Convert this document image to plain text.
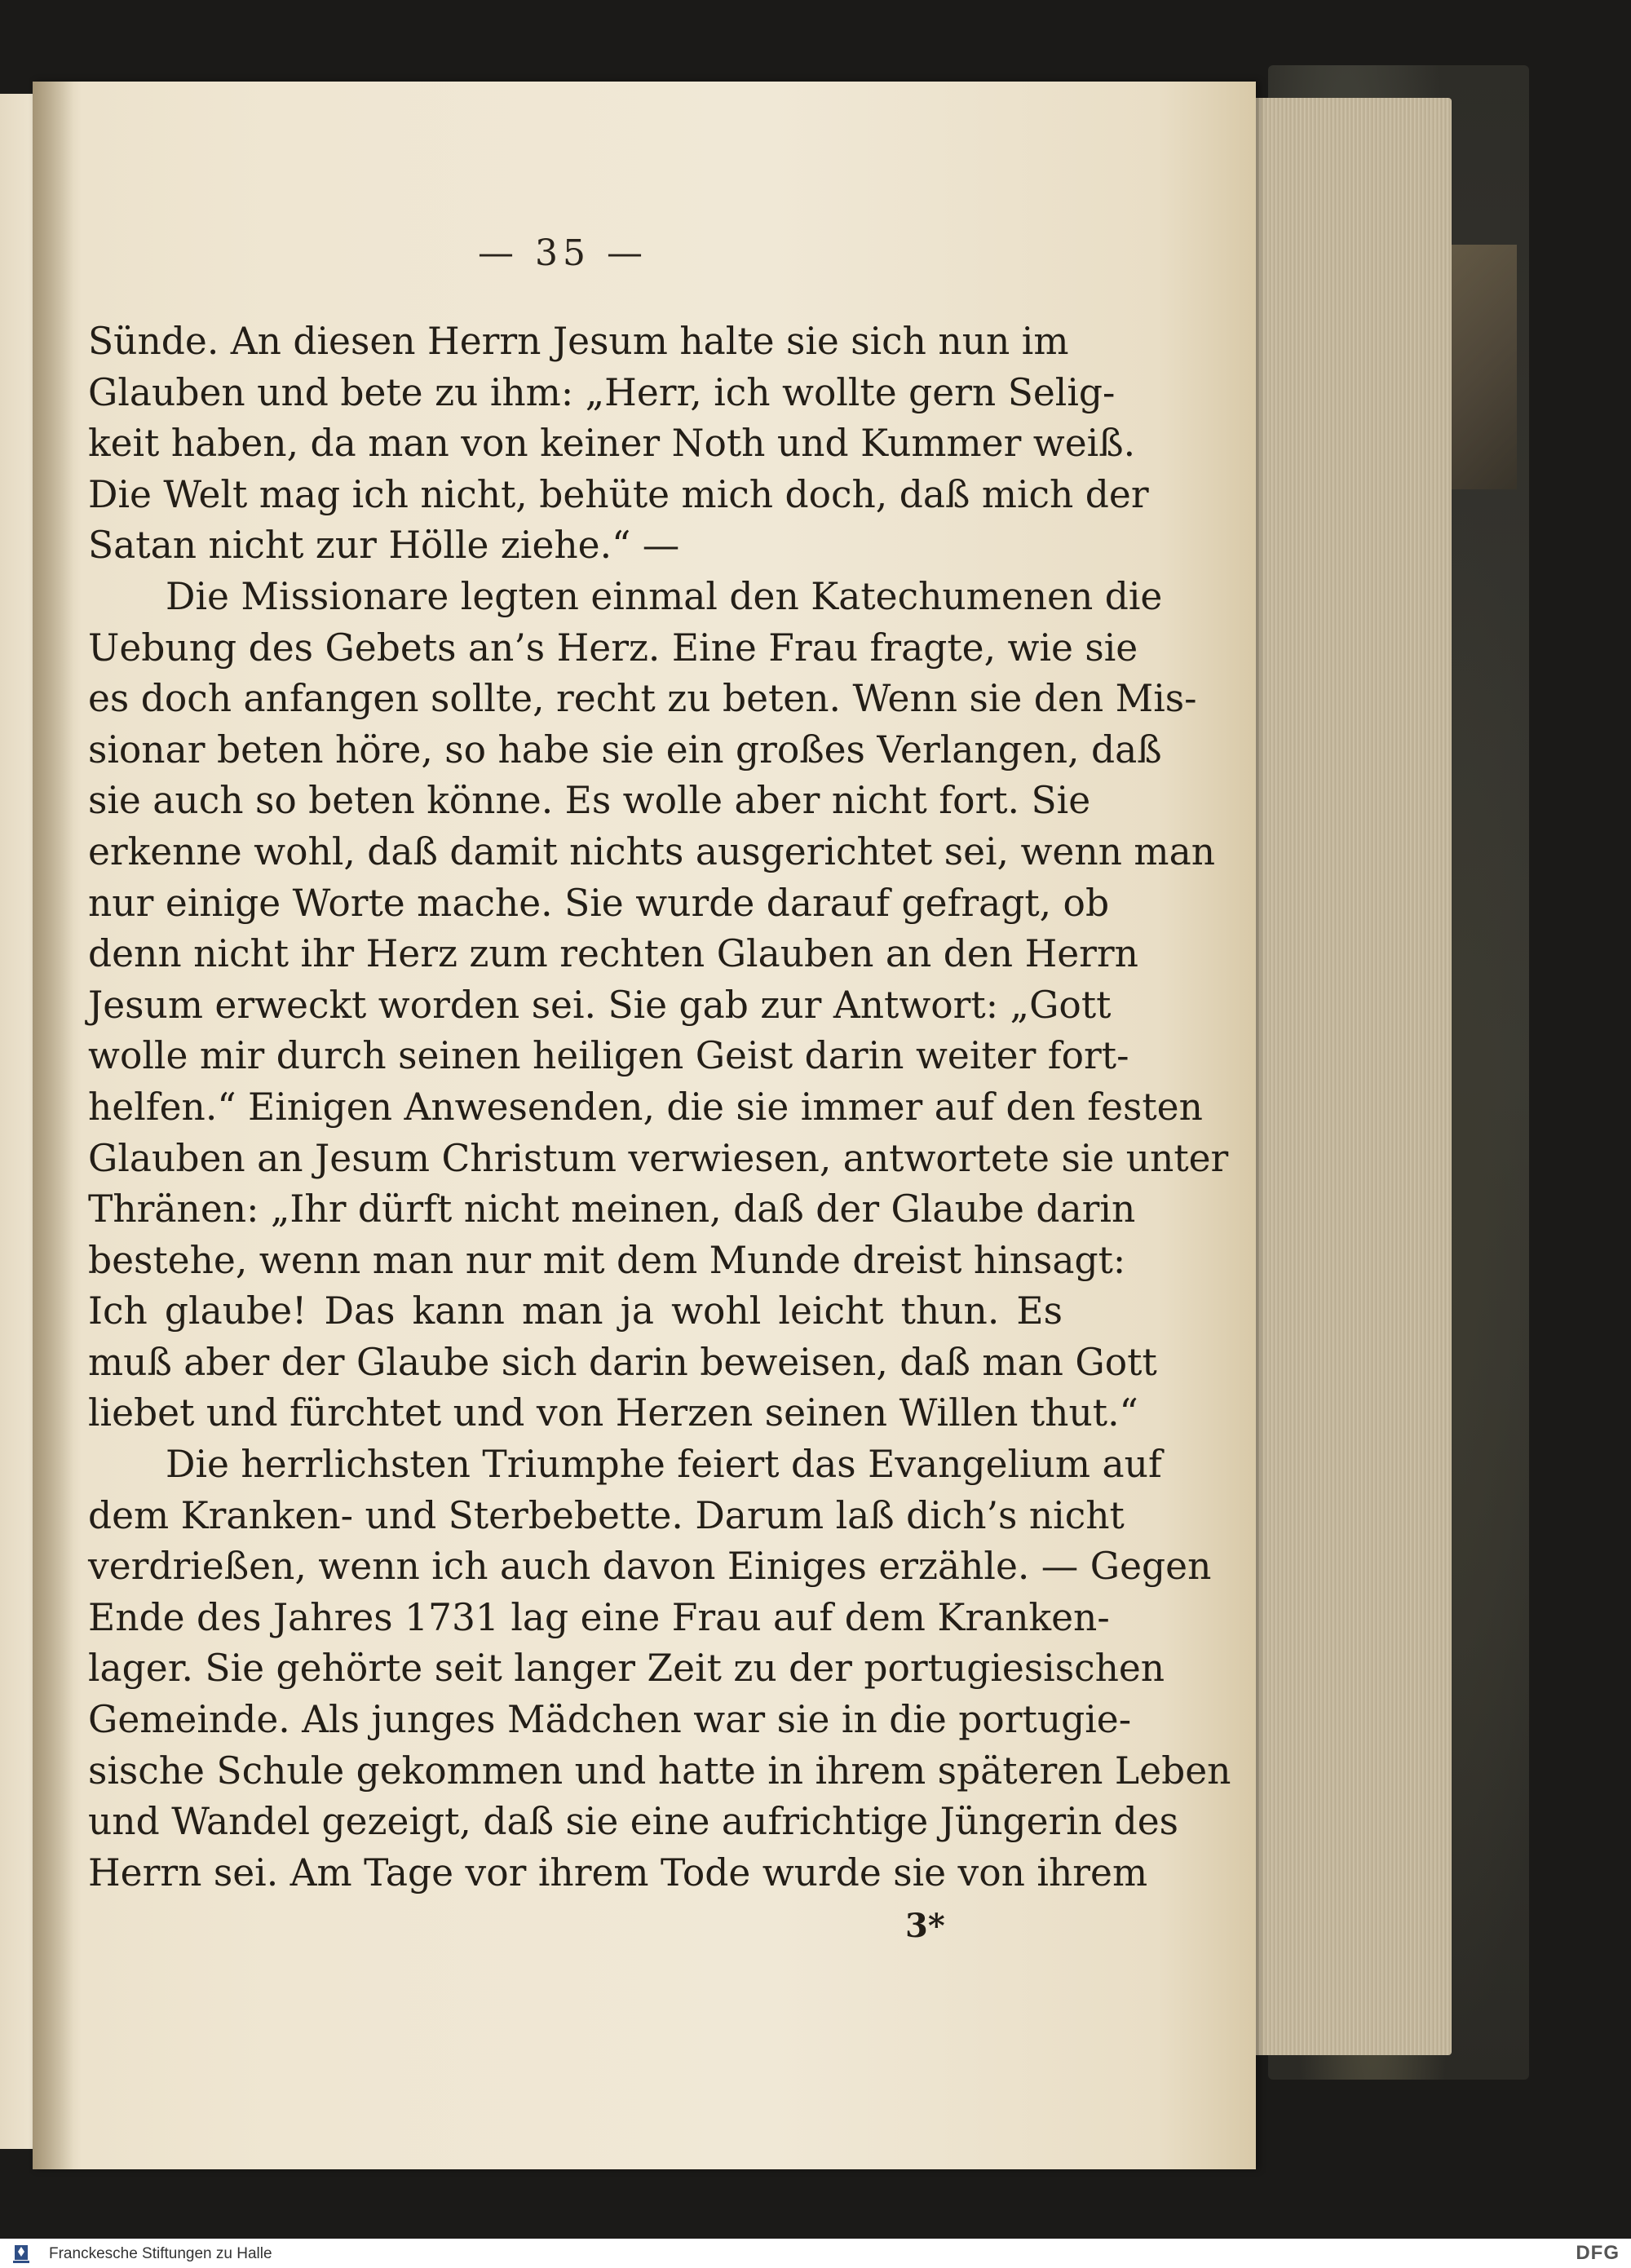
— 35 —
Sünde. An diesen Herrn Jesum halte sie sich nun im
Glauben und bete zu ihm: „Herr, ich wollte gern Selig-
keit haben, da man von keiner Noth und Kummer weiß.
Die Welt mag ich nicht, behüte mich doch, daß mich der
Satan nicht zur Hölle ziehe.“ —
Die Missionare legten einmal den Katechumenen die
Uebung des Gebets an’s Herz. Eine Frau fragte, wie sie
es doch anfangen sollte, recht zu beten. Wenn sie den Mis-
sionar beten höre, so habe sie ein großes Verlangen, daß
sie auch so beten könne. Es wolle aber nicht fort. Sie
erkenne wohl, daß damit nichts ausgerichtet sei, wenn man
nur einige Worte mache. Sie wurde darauf gefragt, ob
denn nicht ihr Herz zum rechten Glauben an den Herrn
Jesum erweckt worden sei. Sie gab zur Antwort: „Gott
wolle mir durch seinen heiligen Geist darin weiter fort-
helfen.“ Einigen Anwesenden, die sie immer auf den festen
Glauben an Jesum Christum verwiesen, antwortete sie unter
Thränen: „Ihr dürft nicht meinen, daß der Glaube darin
bestehe, wenn man nur mit dem Munde dreist hinsagt:
Ich glaube! Das kann man ja wohl leicht thun. Es
muß aber der Glaube sich darin beweisen, daß man Gott
liebet und fürchtet und von Herzen seinen Willen thut.“
Die herrlichsten Triumphe feiert das Evangelium auf
dem Kranken- und Sterbebette. Darum laß dich’s nicht
verdrießen, wenn ich auch davon Einiges erzähle. — Gegen
Ende des Jahres 1731 lag eine Frau auf dem Kranken-
lager. Sie gehörte seit langer Zeit zu der portugiesischen
Gemeinde. Als junges Mädchen war sie in die portugie-
sische Schule gekommen und hatte in ihrem späteren Leben
und Wandel gezeigt, daß sie eine aufrichtige Jüngerin des
Herrn sei. Am Tage vor ihrem Tode wurde sie von ihrem
3*
Franckesche Stiftungen zu Halle	DFG
